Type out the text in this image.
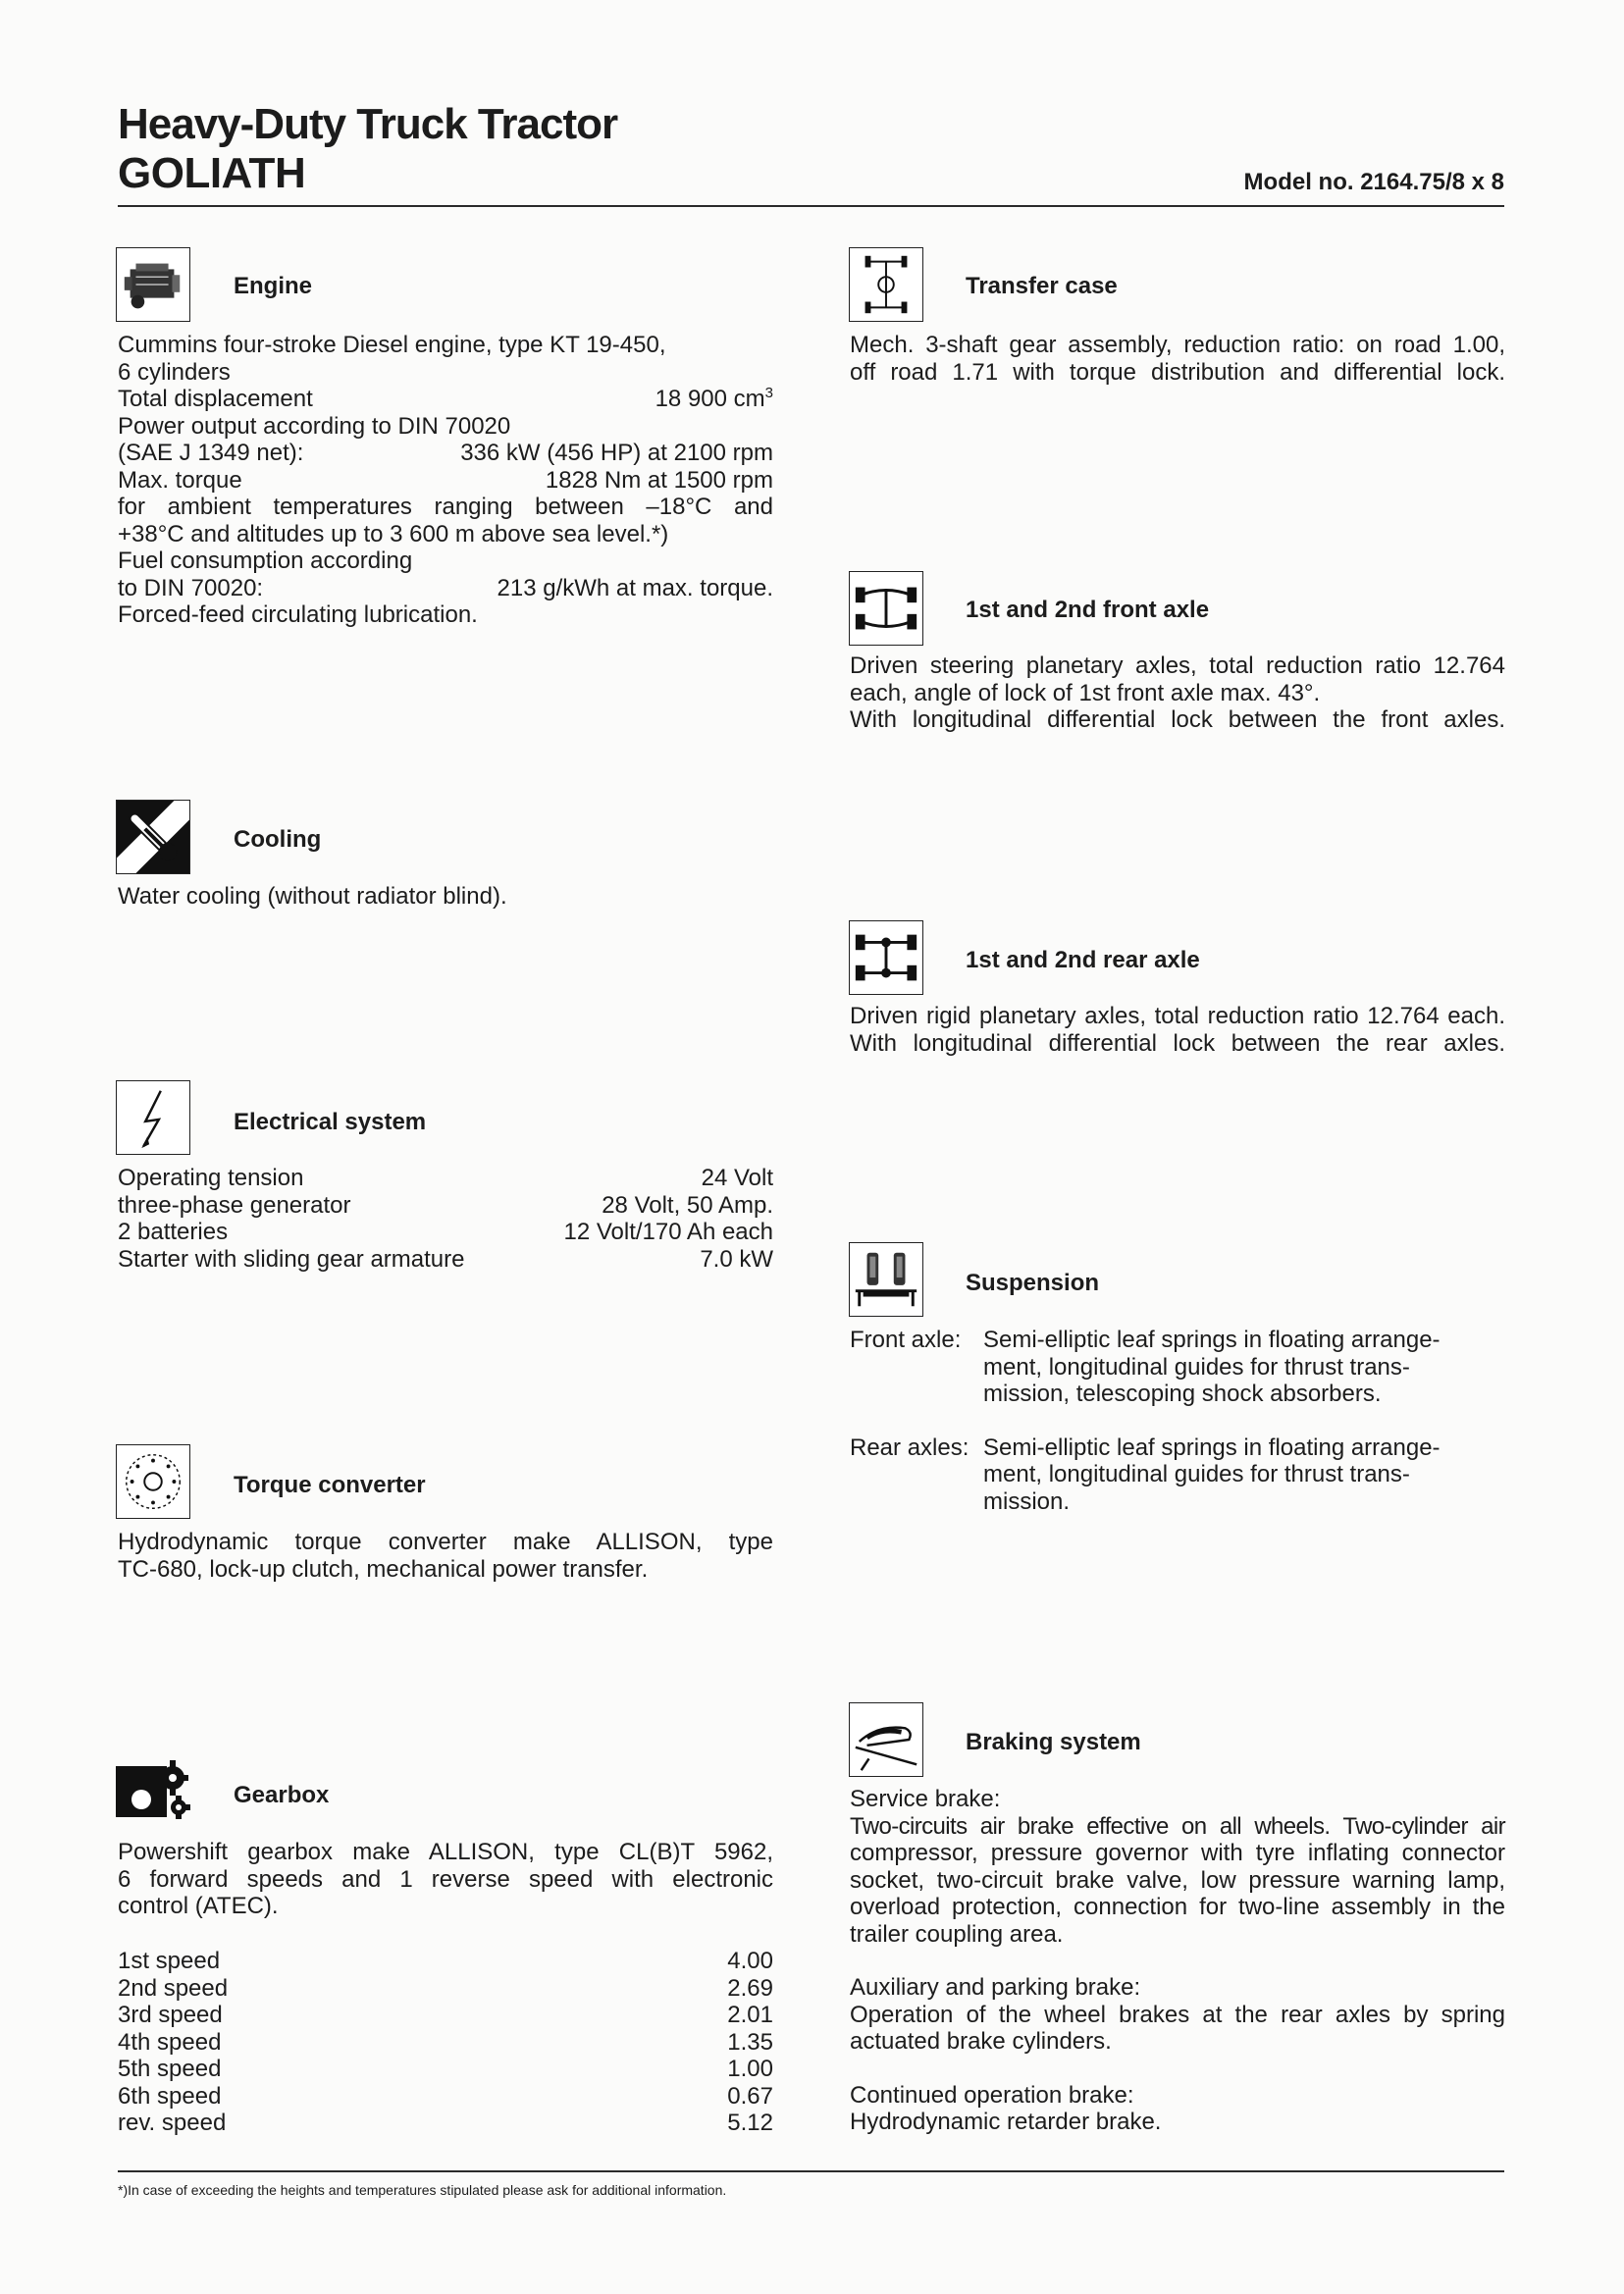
Heavy-Duty Truck Tractor
GOLIATH	Model no. 2164.75/8 x 8
Engine
Cummins four-stroke Diesel engine, type KT 19-450,
6 cylinders
Total displacement	18 900 $cm^3$
Power output according to DIN 70020
(SAE J 1349 net):	336 kW (456 HP) at 2100 rpm
Max. torque	1828 Nm at 1500 rpm
for ambient temperatures ranging between –18°C and
+38°C and altitudes up to 3 600 m above sea level.*)
Fuel consumption according
to DIN 70020:	213 g/kWh at max. torque.
Forced-feed circulating lubrication.
Cooling
Water cooling (without radiator blind).
Electrical system
Operating tension	24 Volt
three-phase generator	28 Volt, 50 Amp.
2 batteries	12 Volt/170 Ah each
Starter with sliding gear armature	7.0 kW
Torque converter
Hydrodynamic torque converter make ALLISON, type
TC-680, lock-up clutch, mechanical power transfer.
Gearbox
Powershift gearbox make ALLISON, type CL(B)T 5962,
6 forward speeds and 1 reverse speed with electronic
control (ATEC).
1st speed	4.00
2nd speed	2.69
3rd speed	2.01
4th speed	1.35
5th speed	1.00
6th speed	0.67
rev. speed	5.12
Transfer case
Mech. 3-shaft gear assembly, reduction ratio: on road 1.00,
off road 1.71 with torque distribution and differential lock.
1st and 2nd front axle
Driven steering planetary axles, total reduction ratio 12.764
each, angle of lock of 1st front axle max. 43°.
With longitudinal differential lock between the front axles.
1st and 2nd rear axle
Driven rigid planetary axles, total reduction ratio 12.764 each.
With longitudinal differential lock between the rear axles.
Suspension
Front axle: Semi-elliptic leaf springs in floating arrange-
ment, longitudinal guides for thrust trans-
mission, telescoping shock absorbers.
Rear axles: Semi-elliptic leaf springs in floating arrange-
ment, longitudinal guides for thrust trans-
mission.
Braking system
Service brake:
Two-circuits air brake effective on all wheels. Two-cylinder air
compressor, pressure governor with tyre inflating connector
socket, two-circuit brake valve, low pressure warning lamp,
overload protection, connection for two-line assembly in the
trailer coupling area.
Auxiliary and parking brake:
Operation of the wheel brakes at the rear axles by spring
actuated brake cylinders.
Continued operation brake:
Hydrodynamic retarder brake.
*)In case of exceeding the heights and temperatures stipulated please ask for additional information.
